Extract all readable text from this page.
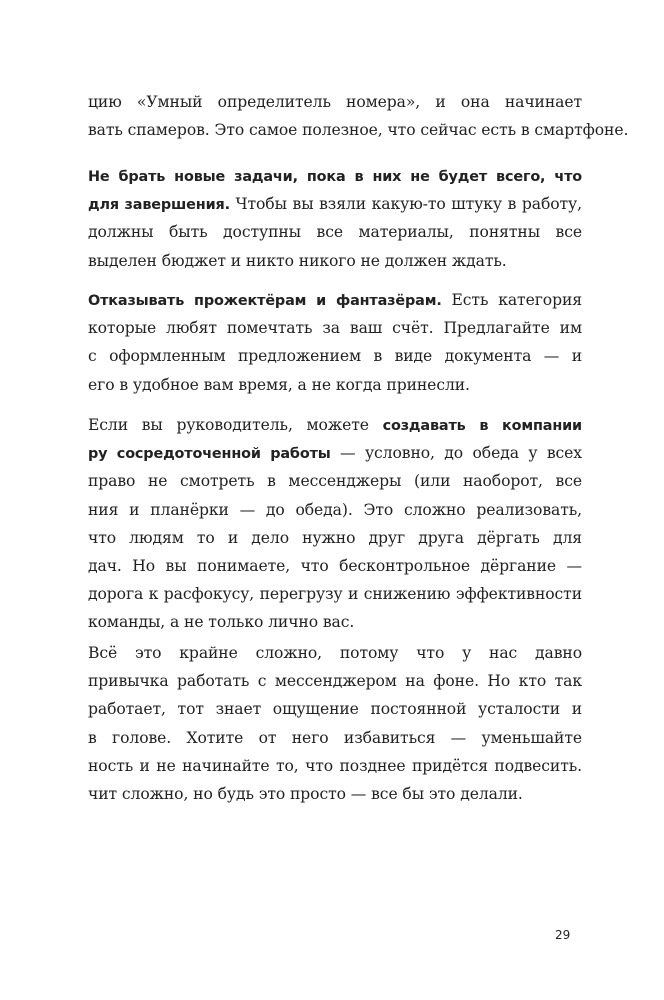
цию «Умный определитель номера», и она начинает
вать спамеров. Это самое полезное, что сейчас есть в смартфоне.
Не брать новые задачи, пока в них не будет всего, что
для завершения. Чтобы вы взяли какую-то штуку в работу,
должны быть доступны все материалы, понятны все
выделен бюджет и никто никого не должен ждать.
Отказывать прожектёрам и фантазёрам. Есть категория
которые любят помечтать за ваш счёт. Предлагайте им
с оформленным предложением в виде документа — и
его в удобное вам время, а не когда принесли.
Если вы руководитель, можете создавать в компании
ру сосредоточенной работы — условно, до обеда у всех
право не смотреть в мессенджеры (или наоборот, все
ния и планёрки — до обеда). Это сложно реализовать,
что людям то и дело нужно друг друга дёргать для
дач. Но вы понимаете, что бесконтрольное дёргание —
дорога к расфокусу, перегрузу и снижению эффективности
команды, а не только лично вас.
Всё это крайне сложно, потому что у нас давно
привычка работать с мессенджером на фоне. Но кто так
работает, тот знает ощущение постоянной усталости и
в голове. Хотите от него избавиться — уменьшайте
ность и не начинайте то, что позднее придётся подвесить.
чит сложно, но будь это просто — все бы это делали.
29
